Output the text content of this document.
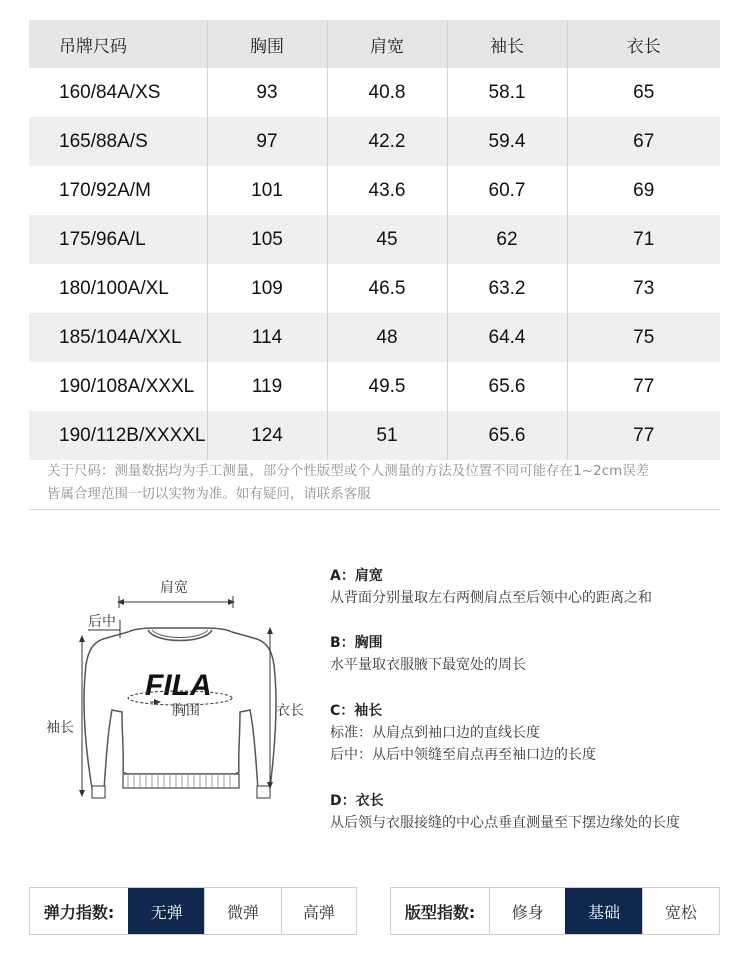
吊牌尺码	胸围	肩宽	袖长	衣长
160/84A/XS	93	40.8	58.1	65
165/88A/S	97	42.2	59.4	67
170/92A/M	101	43.6	60.7	69
175/96A/L	105	45	62	71
180/100A/XL	109	46.5	63.2	73
185/104A/XXL	114	48	64.4	75
190/108A/XXXL	119	49.5	65.6	77
190/112B/XXXXL	124	51	65.6	77
关于尺码：测量数据均为手工测量，部分个性版型或个人测量的方法及位置不同可能存在1~2cm误差
皆属合理范围一切以实物为准。如有疑问，请联系客服
FILA
肩宽
后中
胸围
袖长
衣长
A：肩宽
从背面分别量取左右两侧肩点至后领中心的距离之和
B：胸围
水平量取衣服腋下最宽处的周长
C：袖长
标准：从肩点到袖口边的直线长度
后中：从后中领缝至肩点再至袖口边的长度
D：衣长
从后领与衣服接缝的中心点垂直测量至下摆边缘处的长度
弹力指数:	无弹	微弹	高弹	版型指数:	修身	基础	宽松
